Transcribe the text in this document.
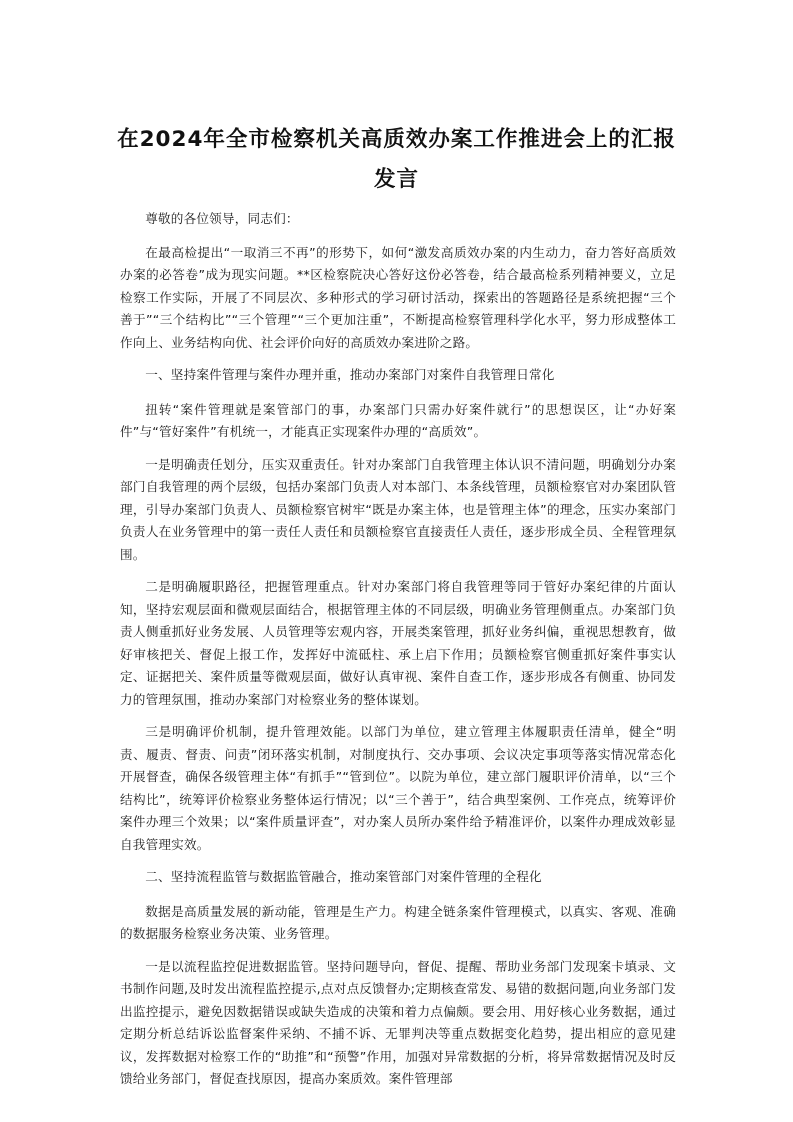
在2024年全市检察机关高质效办案工作推进会上的汇报发言

尊敬的各位领导，同志们：

在最高检提出“一取消三不再”的形势下，如何“激发高质效办案的内生动力，奋力答好高质效办案的必答卷”成为现实问题。**区检察院决心答好这份必答卷，结合最高检系列精神要义，立足检察工作实际，开展了不同层次、多种形式的学习研讨活动，探索出的答题路径是系统把握“三个善于”“三个结构比”“三个管理”“三个更加注重”，不断提高检察管理科学化水平，努力形成整体工作向上、业务结构向优、社会评价向好的高质效办案进阶之路。

一、坚持案件管理与案件办理并重，推动办案部门对案件自我管理日常化

扭转“案件管理就是案管部门的事，办案部门只需办好案件就行”的思想误区，让“办好案件”与“管好案件”有机统一，才能真正实现案件办理的“高质效”。

一是明确责任划分，压实双重责任。针对办案部门自我管理主体认识不清问题，明确划分办案部门自我管理的两个层级，包括办案部门负责人对本部门、本条线管理，员额检察官对办案团队管理，引导办案部门负责人、员额检察官树牢“既是办案主体，也是管理主体”的理念，压实办案部门负责人在业务管理中的第一责任人责任和员额检察官直接责任人责任，逐步形成全员、全程管理氛围。

二是明确履职路径，把握管理重点。针对办案部门将自我管理等同于管好办案纪律的片面认知，坚持宏观层面和微观层面结合，根据管理主体的不同层级，明确业务管理侧重点。办案部门负责人侧重抓好业务发展、人员管理等宏观内容，开展类案管理，抓好业务纠偏，重视思想教育，做好审核把关、督促上报工作，发挥好中流砥柱、承上启下作用；员额检察官侧重抓好案件事实认定、证据把关、案件质量等微观层面，做好认真审视、案件自查工作，逐步形成各有侧重、协同发力的管理氛围，推动办案部门对检察业务的整体谋划。

三是明确评价机制，提升管理效能。以部门为单位，建立管理主体履职责任清单，健全“明责、履责、督责、问责”闭环落实机制，对制度执行、交办事项、会议决定事项等落实情况常态化开展督查，确保各级管理主体“有抓手”“管到位”。以院为单位，建立部门履职评价清单，以“三个结构比”，统筹评价检察业务整体运行情况；以“三个善于”，结合典型案例、工作亮点，统筹评价案件办理三个效果；以“案件质量评查”，对办案人员所办案件给予精准评价，以案件办理成效彰显自我管理实效。

二、坚持流程监管与数据监管融合，推动案管部门对案件管理的全程化

数据是高质量发展的新动能，管理是生产力。构建全链条案件管理模式，以真实、客观、准确的数据服务检察业务决策、业务管理。

一是以流程监控促进数据监管。坚持问题导向，督促、提醒、帮助业务部门发现案卡填录、文书制作问题,及时发出流程监控提示,点对点反馈督办;定期核查常发、易错的数据问题,向业务部门发出监控提示，避免因数据错误或缺失造成的决策和着力点偏颇。要会用、用好核心业务数据，通过定期分析总结诉讼监督案件采纳、不捕不诉、无罪判决等重点数据变化趋势，提出相应的意见建议，发挥数据对检察工作的“助推”和“预警”作用，加强对异常数据的分析，将异常数据情况及时反馈给业务部门，督促查找原因，提高办案质效。案件管理部
